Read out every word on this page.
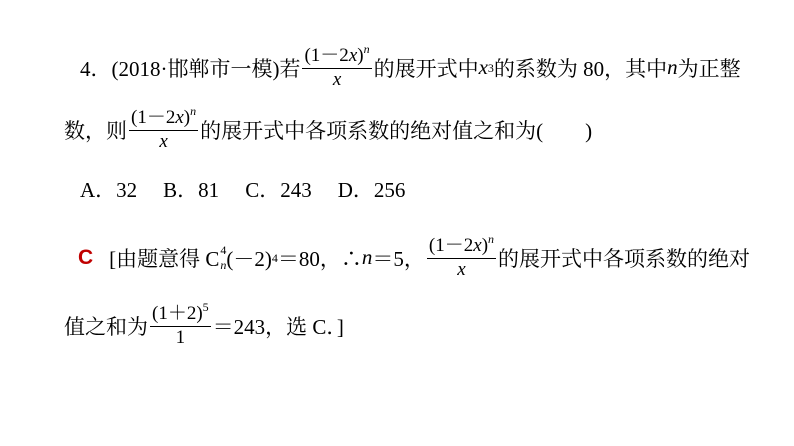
4． (2018·邯郸市一模) 若 $\frac{(1-2x)^n}{x}$ 的展开式中 x 3 的系数为 80，其中 n 为正整
数，则 $\frac{(1-2x)^n}{x}$ 的展开式中各项系数的绝对值之和为(　　)
A．32 B．81 C．243 D．256
C [由题意得 C 4
n (－2) 4 ＝80，∴ n ＝5， $\frac{(1-2x)^n}{x}$ 的展开式中各项系数的绝对
值之和为 $\frac{(1+2)^5}{1} =243$，选 C．]
